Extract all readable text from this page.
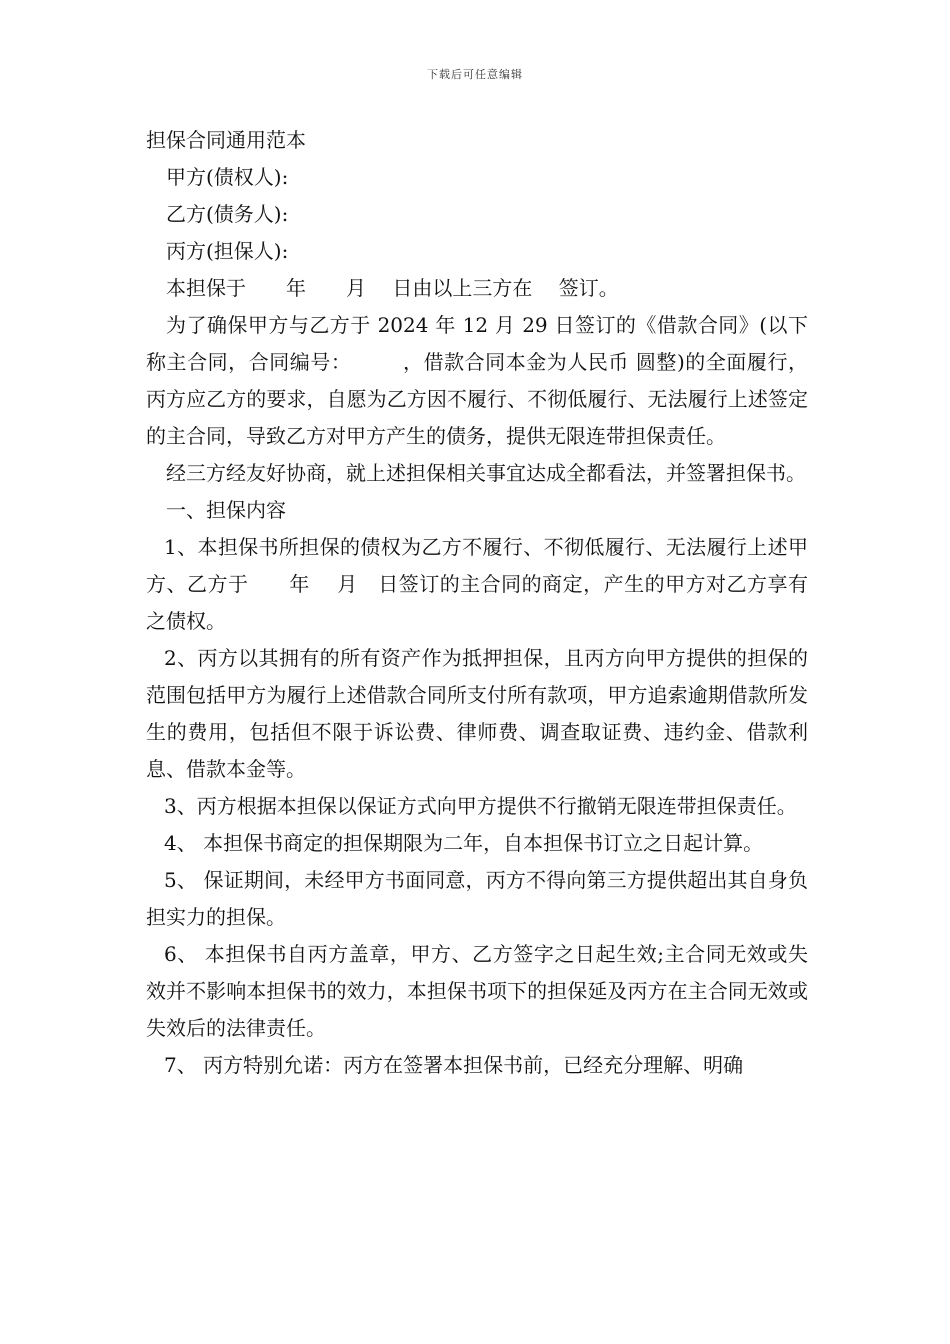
下载后可任意编辑

担保合同通用范本

甲方(债权人):

乙方(债务人):

丙方(担保人):

本担保于　　年　　月　 日由以上三方在　 签订。

为了确保甲方与乙方于 2024 年 12 月 29 日签订的《借款合同》(以下称主合同，合同编号：　　　，借款合同本金为人民币 圆整)的全面履行，丙方应乙方的要求，自愿为乙方因不履行、不彻低履行、无法履行上述签定的主合同，导致乙方对甲方产生的债务，提供无限连带担保责任。

经三方经友好协商，就上述担保相关事宜达成全都看法，并签署担保书。

一、担保内容

1、本担保书所担保的债权为乙方不履行、不彻低履行、无法履行上述甲方、乙方于　　年　 月　日签订的主合同的商定，产生的甲方对乙方享有之债权。

2、丙方以其拥有的所有资产作为抵押担保，且丙方向甲方提供的担保的范围包括甲方为履行上述借款合同所支付所有款项，甲方追索逾期借款所发生的费用，包括但不限于诉讼费、律师费、调查取证费、违约金、借款利息、借款本金等。

3、丙方根据本担保以保证方式向甲方提供不行撤销无限连带担保责任。

4、 本担保书商定的担保期限为二年，自本担保书订立之日起计算。

5、 保证期间，未经甲方书面同意，丙方不得向第三方提供超出其自身负担实力的担保。

6、 本担保书自丙方盖章，甲方、乙方签字之日起生效;主合同无效或失效并不影响本担保书的效力，本担保书项下的担保延及丙方在主合同无效或失效后的法律责任。

7、 丙方特别允诺：丙方在签署本担保书前，已经充分理解、明确
